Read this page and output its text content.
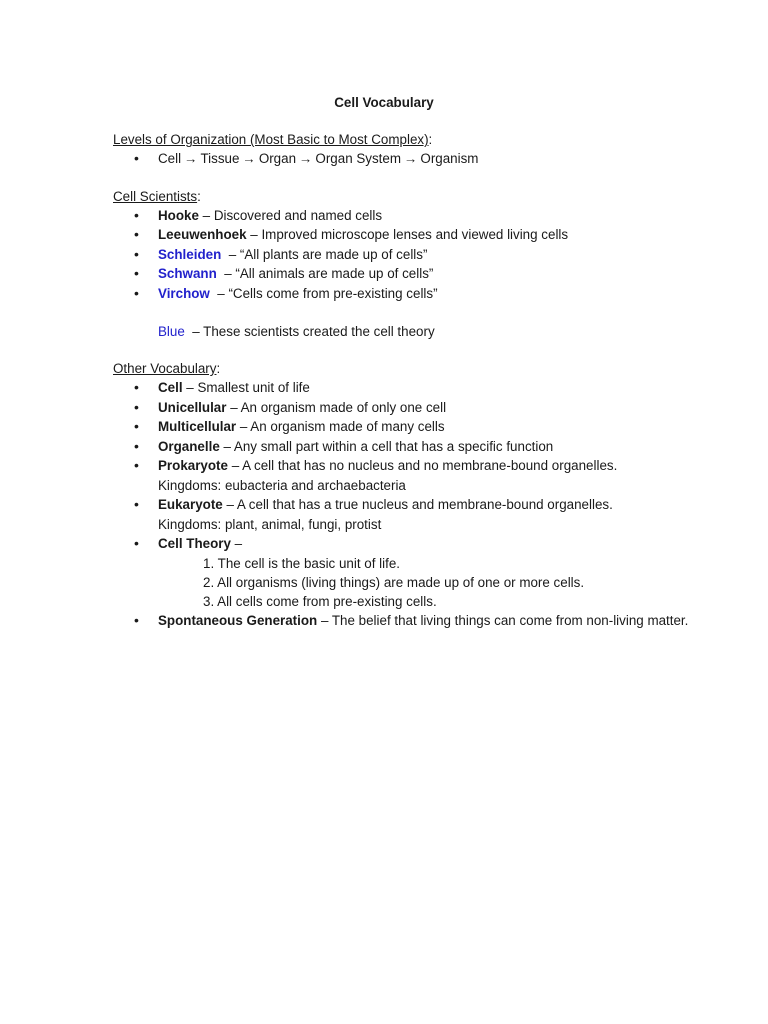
Cell Vocabulary
Levels of Organization (Most Basic to Most Complex):
• Cell → Tissue → Organ → Organ System → Organism
Cell Scientists:
• Hooke – Discovered and named cells
• Leeuwenhoek – Improved microscope lenses and viewed living cells
• Schleiden  – “All plants are made up of cells”
• Schwann  – “All animals are made up of cells”
• Virchow  – “Cells come from pre-existing cells”
Blue  – These scientists created the cell theory
Other Vocabulary:
• Cell – Smallest unit of life
• Unicellular – An organism made of only one cell
• Multicellular – An organism made of many cells
• Organelle – Any small part within a cell that has a specific function
• Prokaryote – A cell that has no nucleus and no membrane-bound organelles.
Kingdoms: eubacteria and archaebacteria
• Eukaryote – A cell that has a true nucleus and membrane-bound organelles.
Kingdoms: plant, animal, fungi, protist
• Cell Theory –
1. The cell is the basic unit of life.
2. All organisms (living things) are made up of one or more cells.
3. All cells come from pre-existing cells.
• Spontaneous Generation – The belief that living things can come from non-living matter.
